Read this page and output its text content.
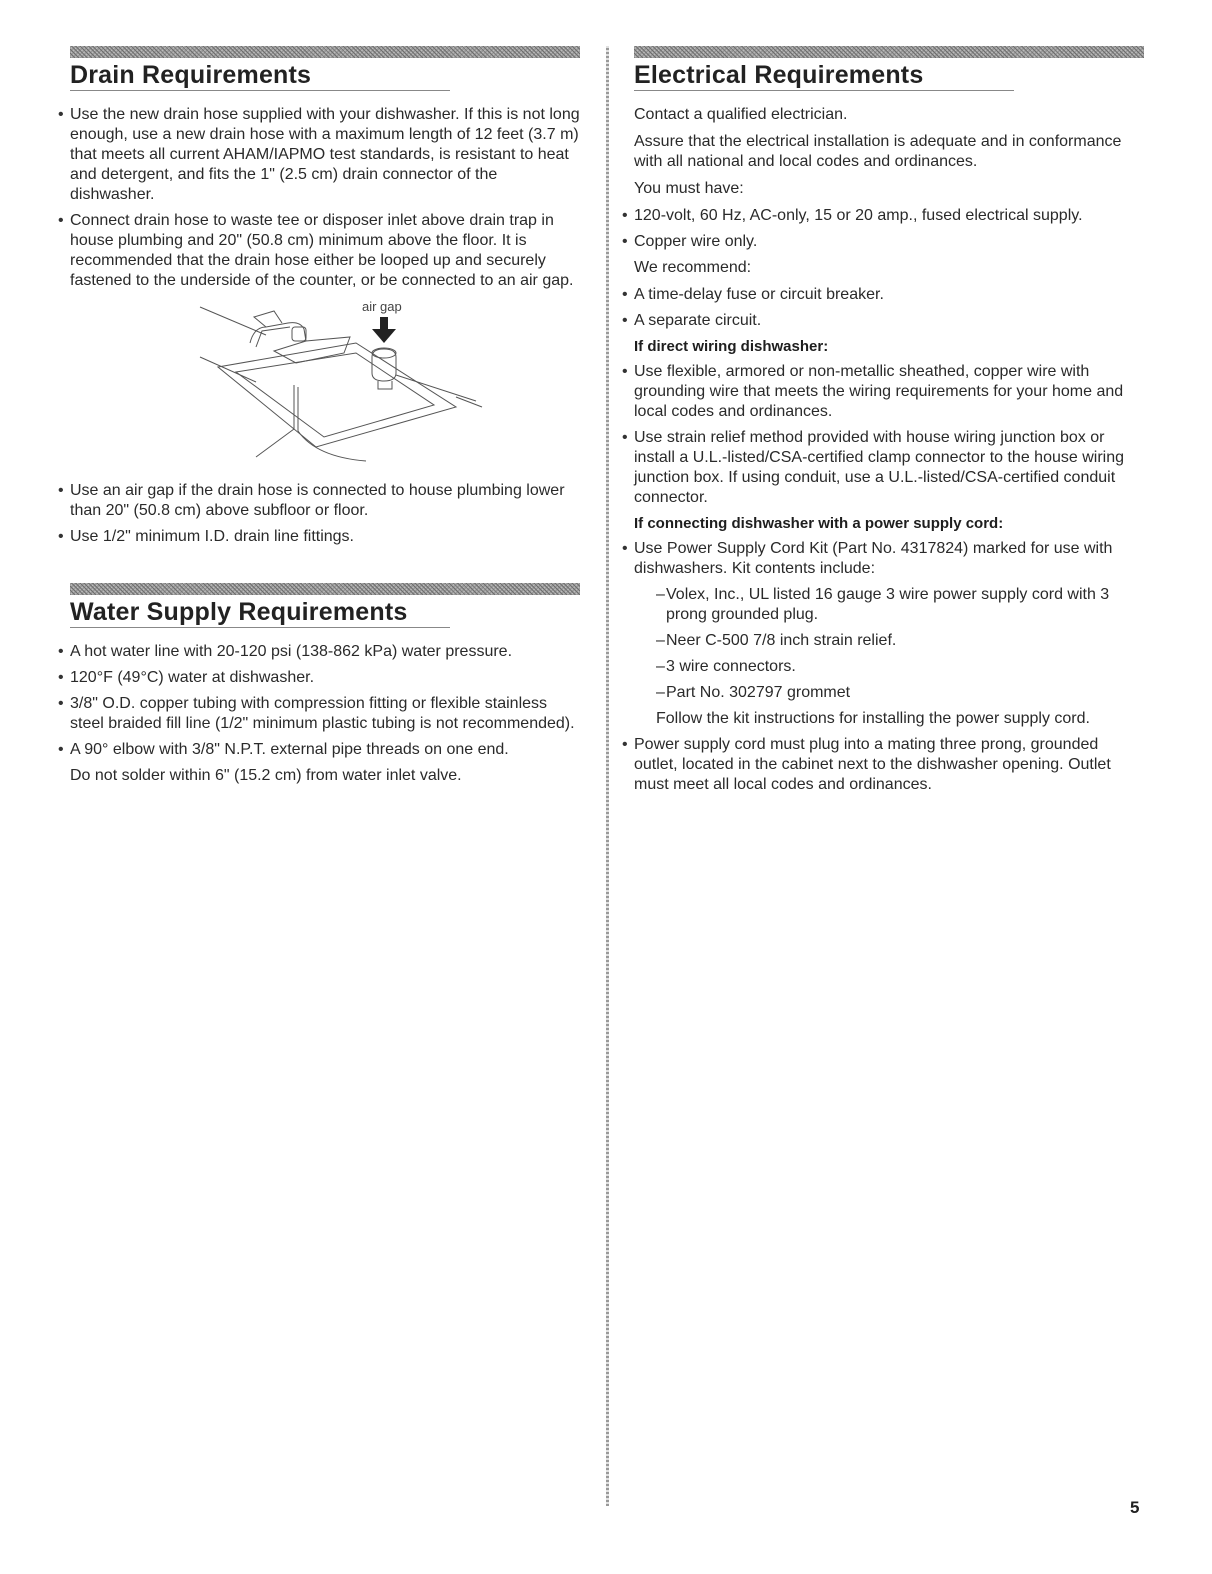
Drain Requirements
• Use the new drain hose supplied with your dishwasher. If this is not long enough, use a new drain hose with a maximum length of 12 feet (3.7 m) that meets all current AHAM/IAPMO test standards, is resistant to heat and detergent, and fits the 1" (2.5 cm) drain connector of the dishwasher.
• Connect drain hose to waste tee or disposer inlet above drain trap in house plumbing and 20" (50.8 cm) minimum above the floor. It is recommended that the drain hose either be looped up and securely fastened to the underside of the counter, or be connected to an air gap.
air gap
• Use an air gap if the drain hose is connected to house plumbing lower than 20" (50.8 cm) above subfloor or floor.
• Use 1/2" minimum I.D. drain line fittings.
Water Supply Requirements
• A hot water line with 20-120 psi (138-862 kPa) water pressure.
• 120°F (49°C) water at dishwasher.
• 3/8" O.D. copper tubing with compression fitting or flexible stainless steel braided fill line (1/2" minimum plastic tubing is not recommended).
• A 90° elbow with 3/8" N.P.T. external pipe threads on one end.

Do not solder within 6" (15.2 cm) from water inlet valve.

Electrical Requirements

Contact a qualified electrician.

Assure that the electrical installation is adequate and in conformance with all national and local codes and ordinances.

You must have:

• 120-volt, 60 Hz, AC-only, 15 or 20 amp., fused electrical supply.
• Copper wire only.

We recommend:

• A time-delay fuse or circuit breaker.
• A separate circuit.

If direct wiring dishwasher:

• Use flexible, armored or non-metallic sheathed, copper wire with grounding wire that meets the wiring requirements for your home and local codes and ordinances.
• Use strain relief method provided with house wiring junction box or install a U.L.-listed/CSA-certified clamp connector to the house wiring junction box. If using conduit, use a U.L.-listed/CSA-certified conduit connector.

If connecting dishwasher with a power supply cord:

• Use Power Supply Cord Kit (Part No. 4317824) marked for use with dishwashers. Kit contents include:
– Volex, Inc., UL listed 16 gauge 3 wire power supply cord with 3 prong grounded plug.
– Neer C-500 7/8 inch strain relief.
– 3 wire connectors.
– Part No. 302797 grommet

Follow the kit instructions for installing the power supply cord.

• Power supply cord must plug into a mating three prong, grounded outlet, located in the cabinet next to the dishwasher opening. Outlet must meet all local codes and ordinances.
5
